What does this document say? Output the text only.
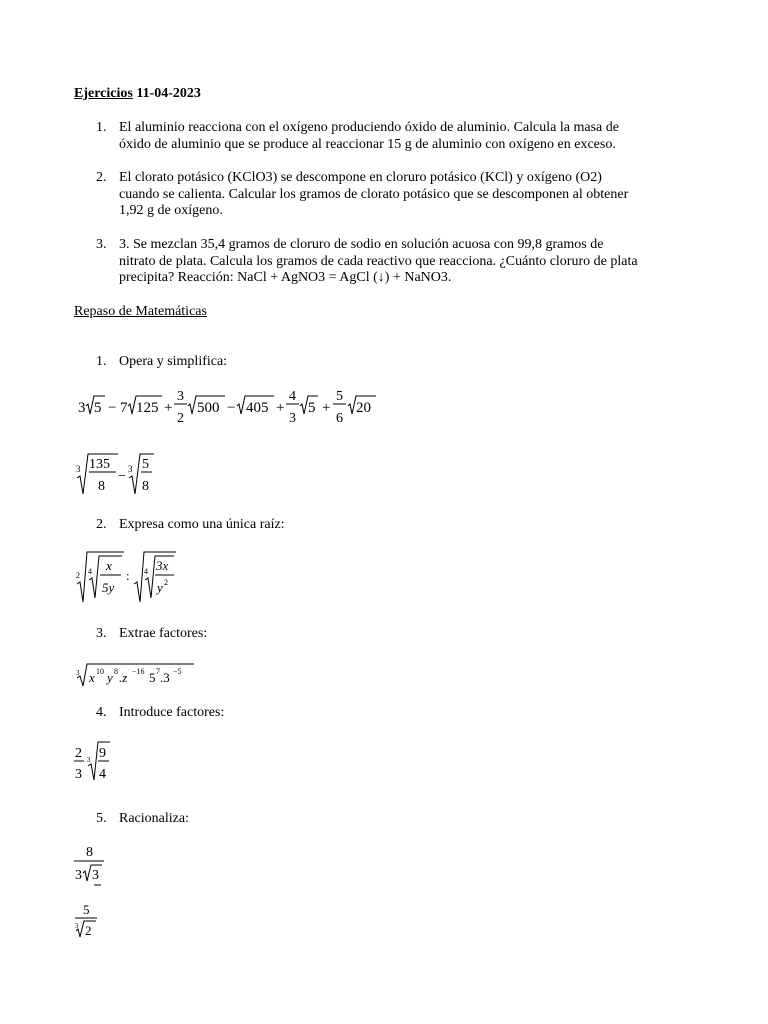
Ejercicios 11-04-2023
1. El aluminio reacciona con el oxígeno produciendo óxido de aluminio. Calcula la masa de
óxido de aluminio que se produce al reaccionar 15 g de aluminio con oxígeno en exceso.
2. El clorato potásico (KClO3) se descompone en cloruro potásico (KCl) y oxígeno (O2)
cuando se calienta. Calcular los gramos de clorato potásico que se descomponen al obtener
1,92 g de oxígeno.
3. 3. Se mezclan 35,4 gramos de cloruro de sodio en solución acuosa con 99,8 gramos de
nitrato de plata. Calcula los gramos de cada reactivo que reacciona. ¿Cuánto cloruro de plata
precipita? Reacción: NaCl + AgNO3 = AgCl (↓) + NaNO3.
Repaso de Matemáticas
1. Opera y simplifica:
3 5 − 7 125 +
3
2
500 − 405 +
4
3
5 +
5
6
20
3 135
8
− 3 5
8
2. Expresa como una única raíz:
2 4 x
5y
: 4 3x
y 2
3. Extrae factores:
3 x 10 y 8 .z −16 5 7 .3 −5
4. Introduce factores:
2
3
3 9
4
5. Racionaliza:
8
3 3
5
3 2
